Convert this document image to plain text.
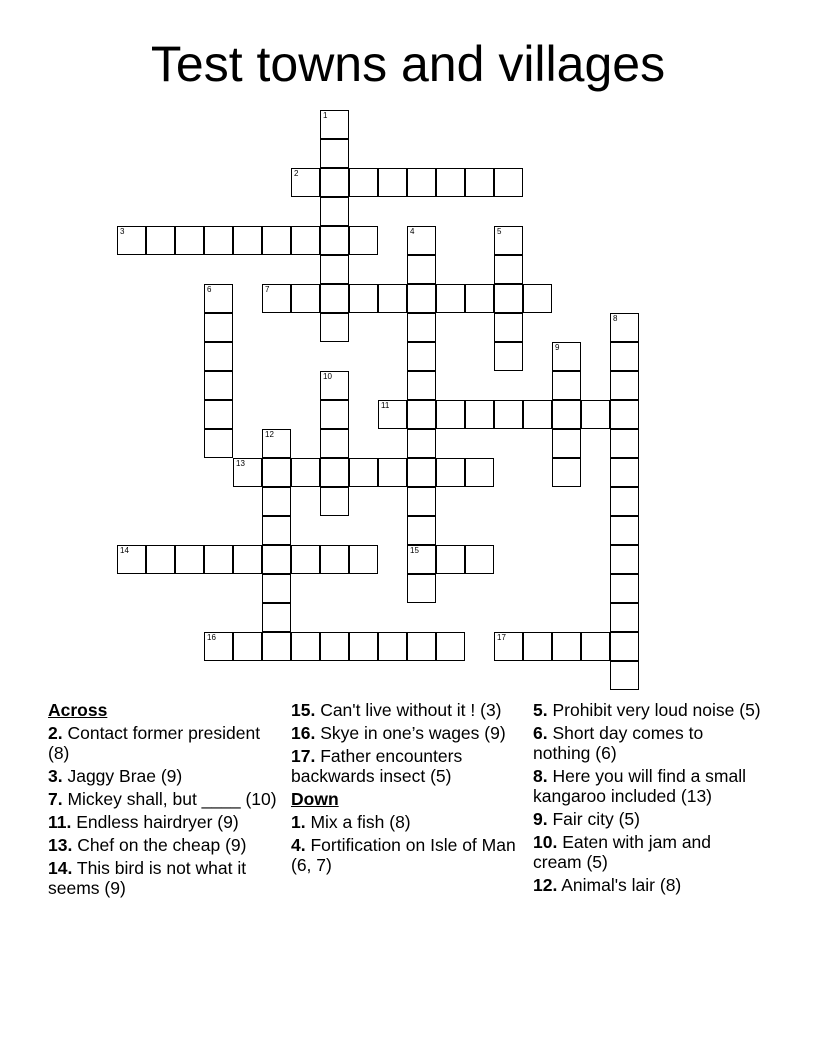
Test towns and villages
1
2
3	4
15
5
6	7
8
9
10
11
12
13
14
16	17
Across
2. Contact former president (8)
3. Jaggy Brae (9)
7. Mickey shall, but ____ (10)
11. Endless hairdryer (9)
13. Chef on the cheap (9)
14. This bird is not what it seems (9)
15. Can't live without it ! (3)
16. Skye in one’s wages (9)
17. Father encounters backwards insect (5)
Down
1. Mix a fish (8)
4. Fortification on Isle of Man (6, 7)
5. Prohibit very loud noise (5)
6. Short day comes to nothing (6)
8. Here you will find a small kangaroo included (13)
9. Fair city (5)
10. Eaten with jam and cream (5)
12. Animal's lair (8)
